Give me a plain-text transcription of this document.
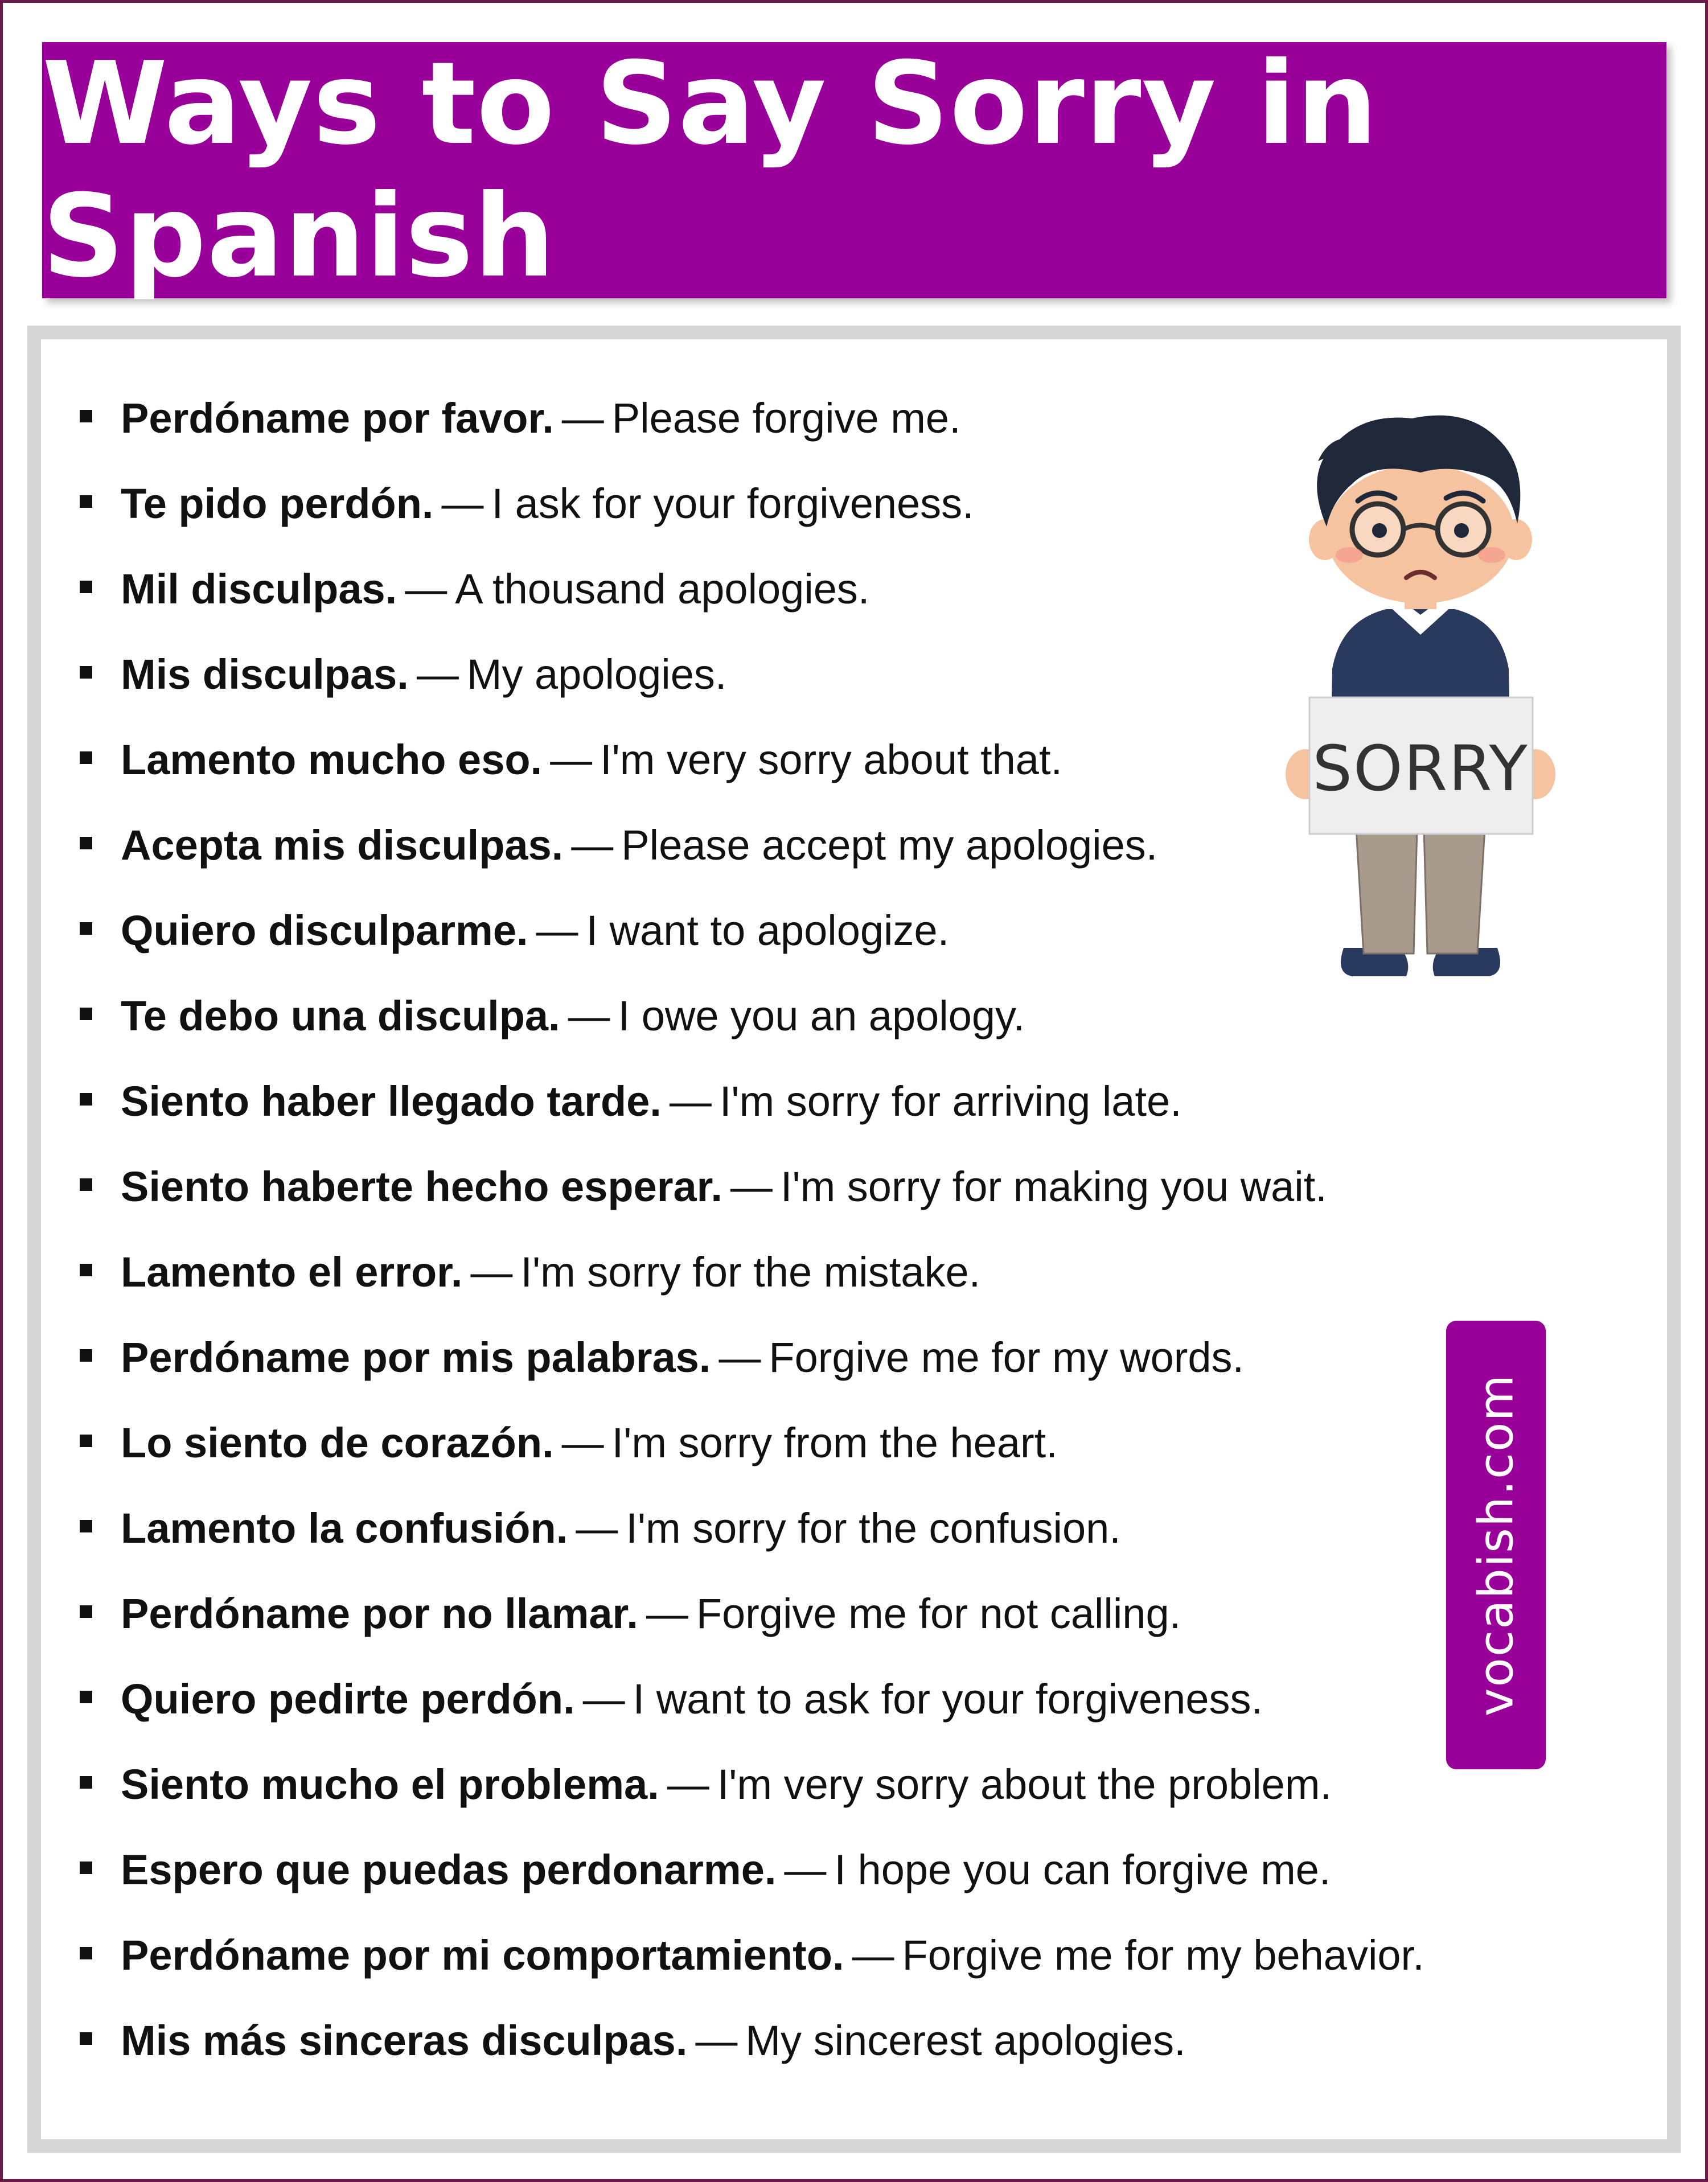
Ways to Say Sorry in Spanish
Perdóname por favor. — Please forgive me.
Te pido perdón. — I ask for your forgiveness.
Mil disculpas. — A thousand apologies.
Mis disculpas. — My apologies.
Lamento mucho eso. — I'm very sorry about that.
Acepta mis disculpas. — Please accept my apologies.
Quiero disculparme. — I want to apologize.
Te debo una disculpa. — I owe you an apology.
Siento haber llegado tarde. — I'm sorry for arriving late.
Siento haberte hecho esperar. — I'm sorry for making you wait.
Lamento el error. — I'm sorry for the mistake.
Perdóname por mis palabras. — Forgive me for my words.
Lo siento de corazón. — I'm sorry from the heart.
Lamento la confusión. — I'm sorry for the confusion.
Perdóname por no llamar. — Forgive me for not calling.
Quiero pedirte perdón. — I want to ask for your forgiveness.
Siento mucho el problema. — I'm very sorry about the problem.
Espero que puedas perdonarme. — I hope you can forgive me.
Perdóname por mi comportamiento. — Forgive me for my behavior.
Mis más sinceras disculpas. — My sincerest apologies.
SORRY
vocabish.com
